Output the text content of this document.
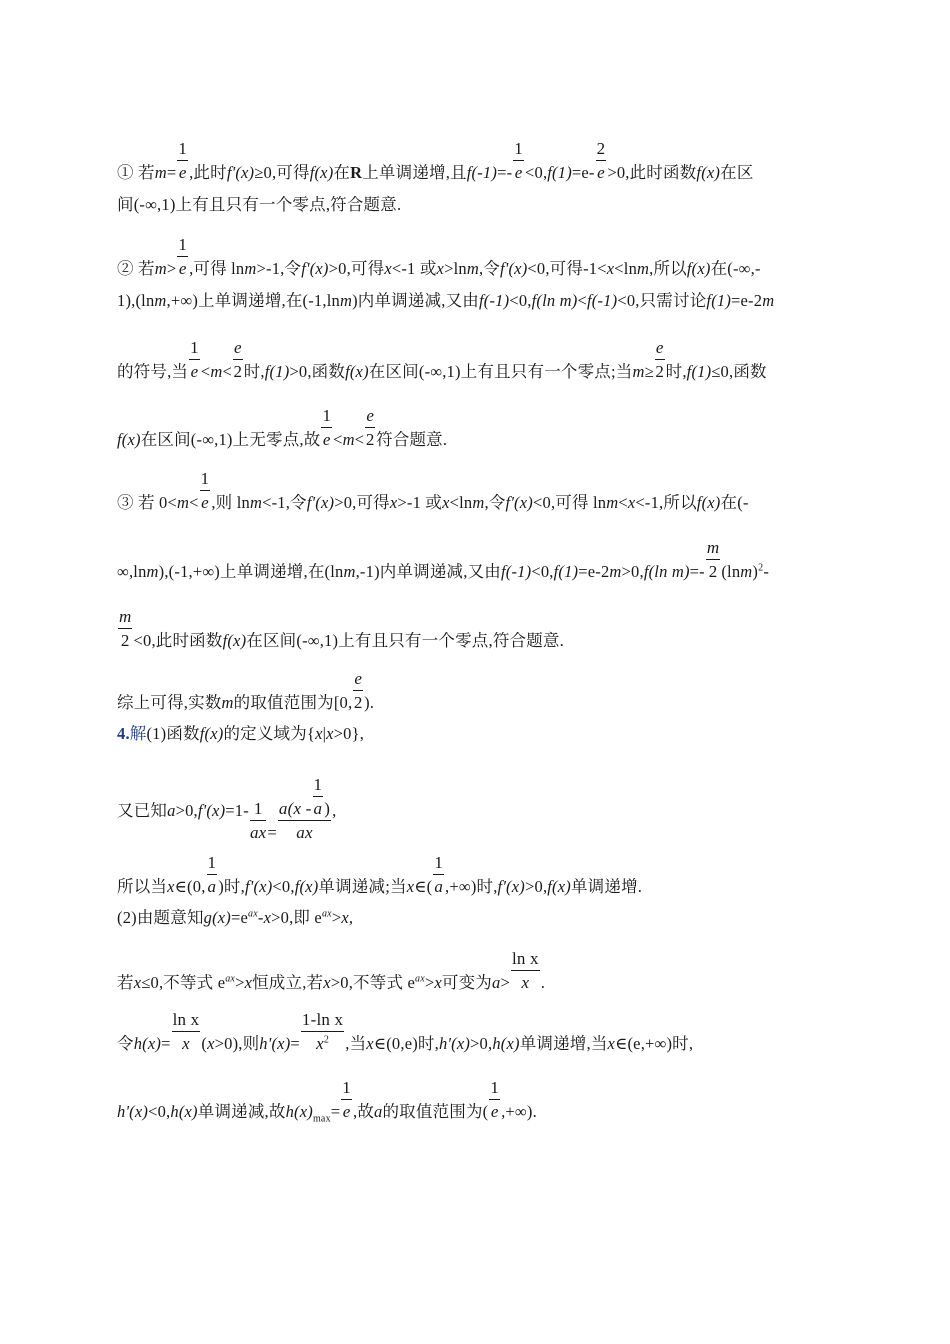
① 若$m= \frac{1}{e}$ ,此时f'(x)≥0,可得f(x)在R上单调递增,且$f(-1)=- \frac{1}{e} <0,f(1)=e- \frac{2}{e} >0$,此时函数f(x)在区
间(-∞,1)上有且只有一个零点,符合题意.
② 若$m> \frac{1}{e}$ ,可得 lnm>-1,令f'(x)>0,可得x<-1 或x>lnm,令f'(x)<0,可得-1<x<lnm,所以f(x)在(-∞,-
1),(lnm,+∞)上单调递增,在(-1,lnm)内单调递减,又由f(-1)<0,f(ln m)<f(-1)<0,只需讨论f(1)=e-2m
的符号,当 $\frac{1}{e} <m< \frac{e}{2}$ 时,f(1)>0,函数f(x)在区间(-∞,1)上有且只有一个零点;当$m\ge \frac{e}{2}$ 时,f(1)≤0,函数
f(x)在区间(-∞,1)上无零点,故 $\frac{1}{e} <m< \frac{e}{2}$ 符合题意.
③ 若 $0<m< \frac{1}{e}$ ,则 lnm<-1,令f'(x)>0,可得x>-1 或x<lnm,令f'(x)<0,可得 lnm<x<-1,所以f(x)在(-
∞,lnm),(-1,+∞)上单调递增,在(lnm,-1)内单调递减,又由f(-1)<0,f(1)=e-2m>0,f(ln $m)=- \frac{m}{2} (\ln m)^2-$
$\frac{m}{2} <0$,此时函数f(x)在区间(-∞,1)上有且只有一个零点,符合题意.
综上可得,实数m的取值范围为[0, $\frac{e}{2}$ ).
4.解(1)函数f(x)的定义域为{x|x>0},
又已知$a>0,f'(x)=1- \frac{1}{ax} = \frac{a(x - \frac{1}{a} )}{ax}$ ,
所以当x∈(0, $\frac{1}{a}$ )时,f'(x)<0,f(x)单调递减;当x∈( $\frac{1}{a}$ ,+∞)时,f'(x)>0,f(x)单调递增.
(2)由题意知$g(x)=e^{ax}-x>0$,即 $e^{ax}>x$,
若x≤0,不等式 $e^{ax}>x$恒成立,若x>0,不等式 $e^{ax}>x$可变为$a> \frac{\text{ln x}}{x}$ .
令$h(x)= \frac{\text{ln x}}{x} (x>0)$,则$h'(x)= \frac{\text{1-ln x}}{x^2}$ ,当x∈(0,e)时,h'(x)>0,h(x)单调递增,当x∈(e,+∞)时,
h'(x)<0,h(x)单调递减,故$h(x)_{max}= \frac{1}{e}$ ,故a的取值范围为( $\frac{1}{e}$ ,+∞).
